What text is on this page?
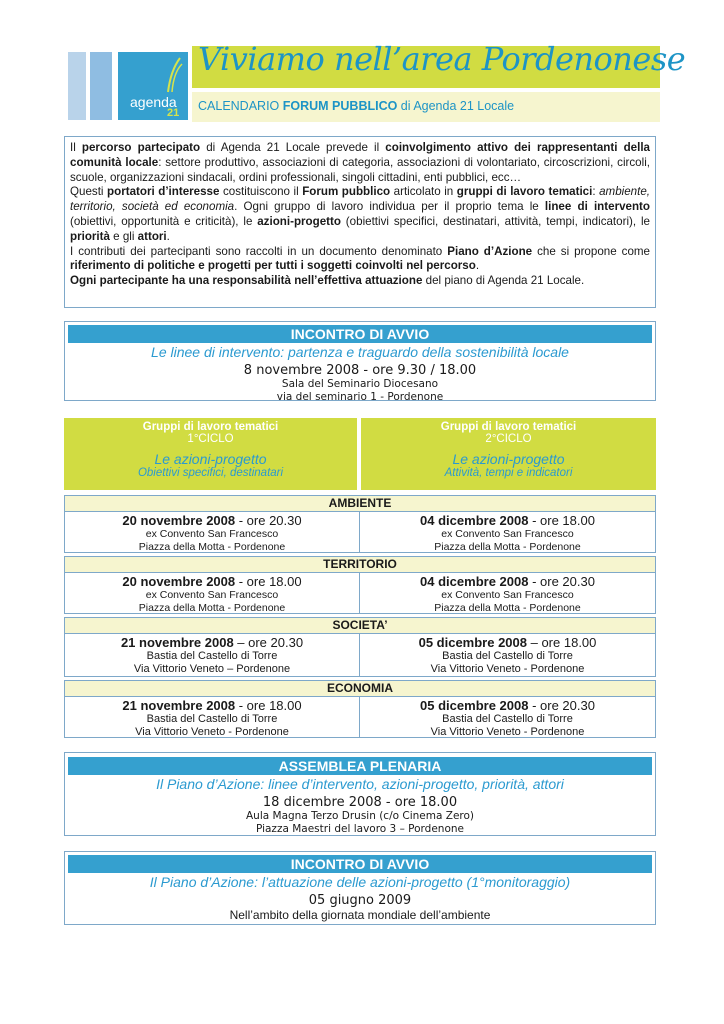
agenda
21
Viviamo nell’area Pordenonese
CALENDARIO FORUM PUBBLICO di Agenda 21 Locale

Il percorso partecipato di Agenda 21 Locale prevede il coinvolgimento attivo dei rappresentanti della comunità locale: settore produttivo, associazioni di categoria, associazioni di volontariato, circoscrizioni, circoli, scuole, organizzazioni sindacali, ordini professionali, singoli cittadini, enti pubblici, ecc…

Questi portatori d’interesse costituiscono il Forum pubblico articolato in gruppi di lavoro tematici: ambiente, territorio, società ed economia. Ogni gruppo di lavoro individua per il proprio tema le linee di intervento (obiettivi, opportunità e criticità), le azioni-progetto (obiettivi specifici, destinatari, attività, tempi, indicatori), le priorità e gli attori.

I contributi dei partecipanti sono raccolti in un documento denominato Piano d’Azione che si propone come riferimento di politiche e progetti per tutti i soggetti coinvolti nel percorso.

Ogni partecipante ha una responsabilità nell’effettiva attuazione del piano di Agenda 21 Locale.

INCONTRO DI AVVIO
Le linee di intervento: partenza e traguardo della sostenibilità locale
8 novembre 2008 - ore 9.30 / 18.00
Sala del Seminario Diocesano
via del seminario 1 - Pordenone
Gruppi di lavoro tematici
1°CICLO
Le azioni-progetto
Obiettivi specifici, destinatari
Gruppi di lavoro tematici
2°CICLO
Le azioni-progetto
Attività, tempi e indicatori
AMBIENTE
20 novembre 2008 - ore 20.30
ex Convento San Francesco
Piazza della Motta - Pordenone
04 dicembre 2008 - ore 18.00
ex Convento San Francesco
Piazza della Motta - Pordenone
TERRITORIO
20 novembre 2008 - ore 18.00
ex Convento San Francesco
Piazza della Motta - Pordenone
04 dicembre 2008 - ore 20.30
ex Convento San Francesco
Piazza della Motta - Pordenone
SOCIETA’
21 novembre 2008 – ore 20.30
Bastia del Castello di Torre
Via Vittorio Veneto – Pordenone
05 dicembre 2008 – ore 18.00
Bastia del Castello di Torre
Via Vittorio Veneto - Pordenone
ECONOMIA
21 novembre 2008 - ore 18.00
Bastia del Castello di Torre
Via Vittorio Veneto - Pordenone
05 dicembre 2008 - ore 20.30
Bastia del Castello di Torre
Via Vittorio Veneto - Pordenone
ASSEMBLEA PLENARIA
Il Piano d’Azione: linee d’intervento, azioni-progetto, priorità, attori
18 dicembre 2008 - ore 18.00
Aula Magna Terzo Drusin (c/o Cinema Zero)
Piazza Maestri del lavoro 3 – Pordenone
INCONTRO DI AVVIO
Il Piano d’Azione: l’attuazione delle azioni-progetto (1°monitoraggio)
05 giugno 2009
Nell’ambito della giornata mondiale dell’ambiente
